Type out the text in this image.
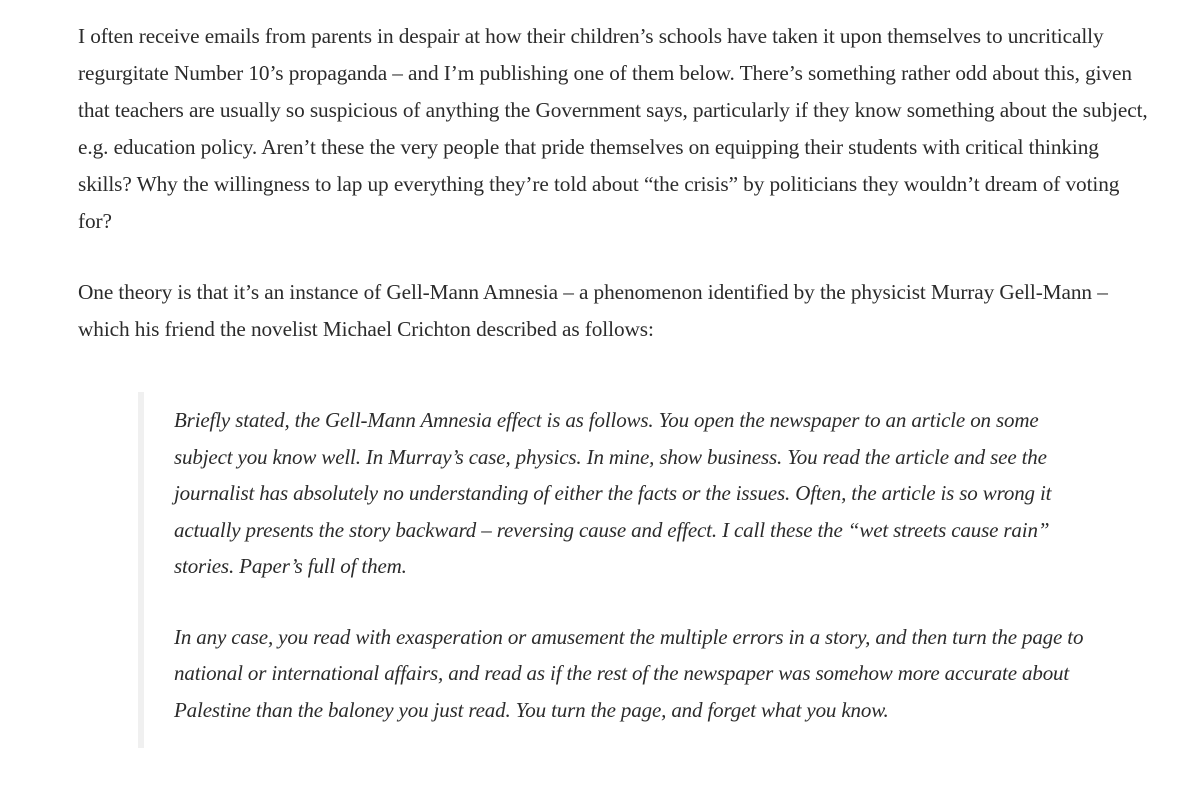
I often receive emails from parents in despair at how their children’s schools have taken it upon themselves to uncritically regurgitate Number 10’s propaganda – and I’m publishing one of them below. There’s something rather odd about this, given that teachers are usually so suspicious of anything the Government says, particularly if they know something about the subject, e.g. education policy. Aren’t these the very people that pride themselves on equipping their students with critical thinking skills? Why the willingness to lap up everything they’re told about “the crisis” by politicians they wouldn’t dream of voting for?

One theory is that it’s an instance of Gell-Mann Amnesia – a phenomenon identified by the physicist Murray Gell-Mann – which his friend the novelist Michael Crichton described as follows:

Briefly stated, the Gell-Mann Amnesia effect is as follows. You open the newspaper to an article on some subject you know well. In Murray’s case, physics. In mine, show business. You read the article and see the journalist has absolutely no understanding of either the facts or the issues. Often, the article is so wrong it actually presents the story backward – reversing cause and effect. I call these the “wet streets cause rain” stories. Paper’s full of them.

In any case, you read with exasperation or amusement the multiple errors in a story, and then turn the page to national or international affairs, and read as if the rest of the newspaper was somehow more accurate about Palestine than the baloney you just read. You turn the page, and forget what you know.
